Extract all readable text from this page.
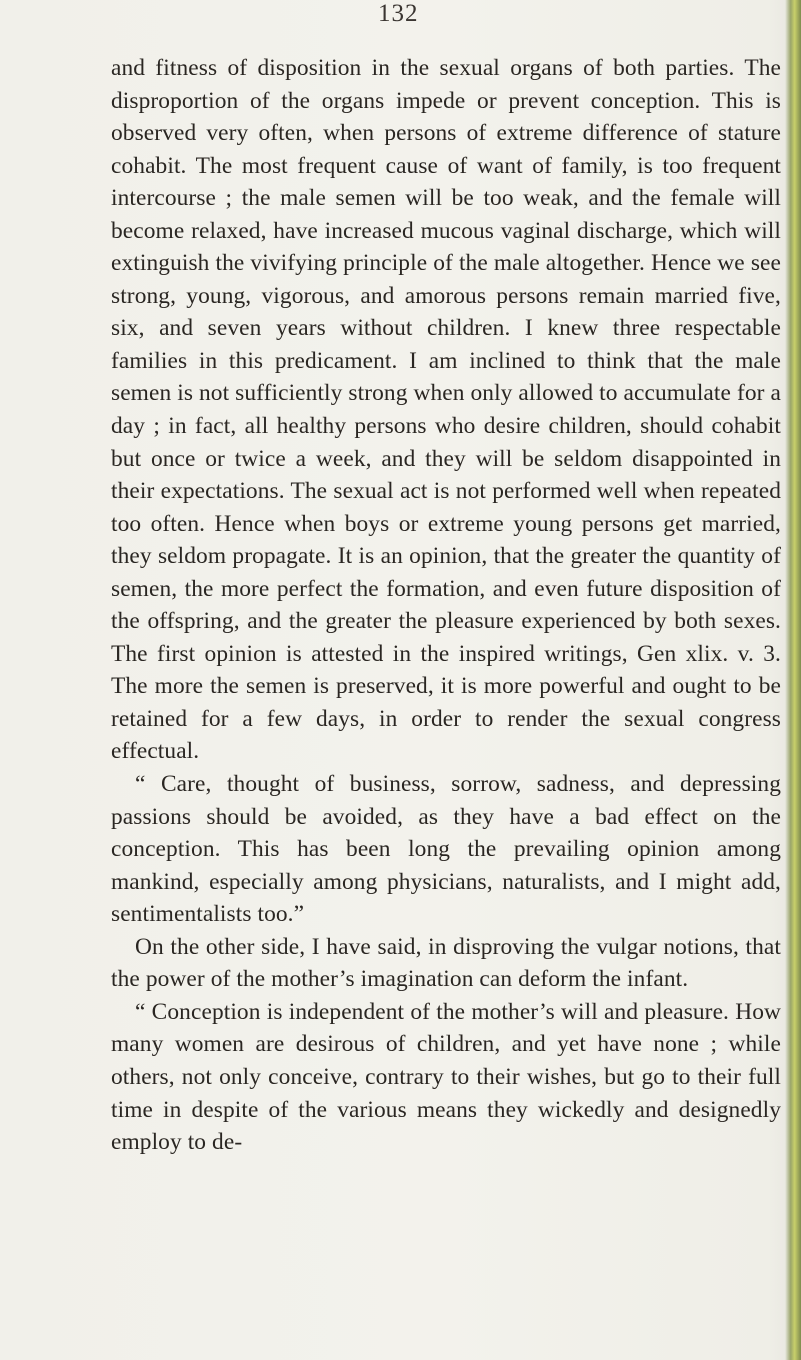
132

and fitness of disposition in the sexual organs of both parties. The disproportion of the organs impede or prevent conception. This is observed very often, when persons of extreme difference of stature cohabit. The most frequent cause of want of family, is too frequent intercourse ; the male semen will be too weak, and the female will become relaxed, have increased mucous vaginal discharge, which will extinguish the vivifying principle of the male altogether. Hence we see strong, young, vigorous, and amorous persons remain married five, six, and seven years without children. I knew three respectable families in this predicament. I am inclined to think that the male semen is not sufficiently strong when only allowed to accumulate for a day ; in fact, all healthy persons who desire children, should cohabit but once or twice a week, and they will be seldom disappointed in their expectations. The sexual act is not performed well when repeated too often. Hence when boys or extreme young persons get married, they seldom propagate. It is an opinion, that the greater the quantity of semen, the more perfect the formation, and even future disposition of the offspring, and the greater the pleasure experienced by both sexes. The first opinion is attested in the inspired writings, Gen xlix. v. 3. The more the semen is preserved, it is more powerful and ought to be retained for a few days, in order to render the sexual congress effectual.

“ Care, thought of business, sorrow, sadness, and depressing passions should be avoided, as they have a bad effect on the conception. This has been long the prevailing opinion among mankind, especially among physicians, naturalists, and I might add, sentimentalists too.”

On the other side, I have said, in disproving the vulgar notions, that the power of the mother’s imagination can deform the infant.

“ Conception is independent of the mother’s will and pleasure. How many women are desirous of children, and yet have none ; while others, not only conceive, contrary to their wishes, but go to their full time in despite of the various means they wickedly and designedly employ to de-
